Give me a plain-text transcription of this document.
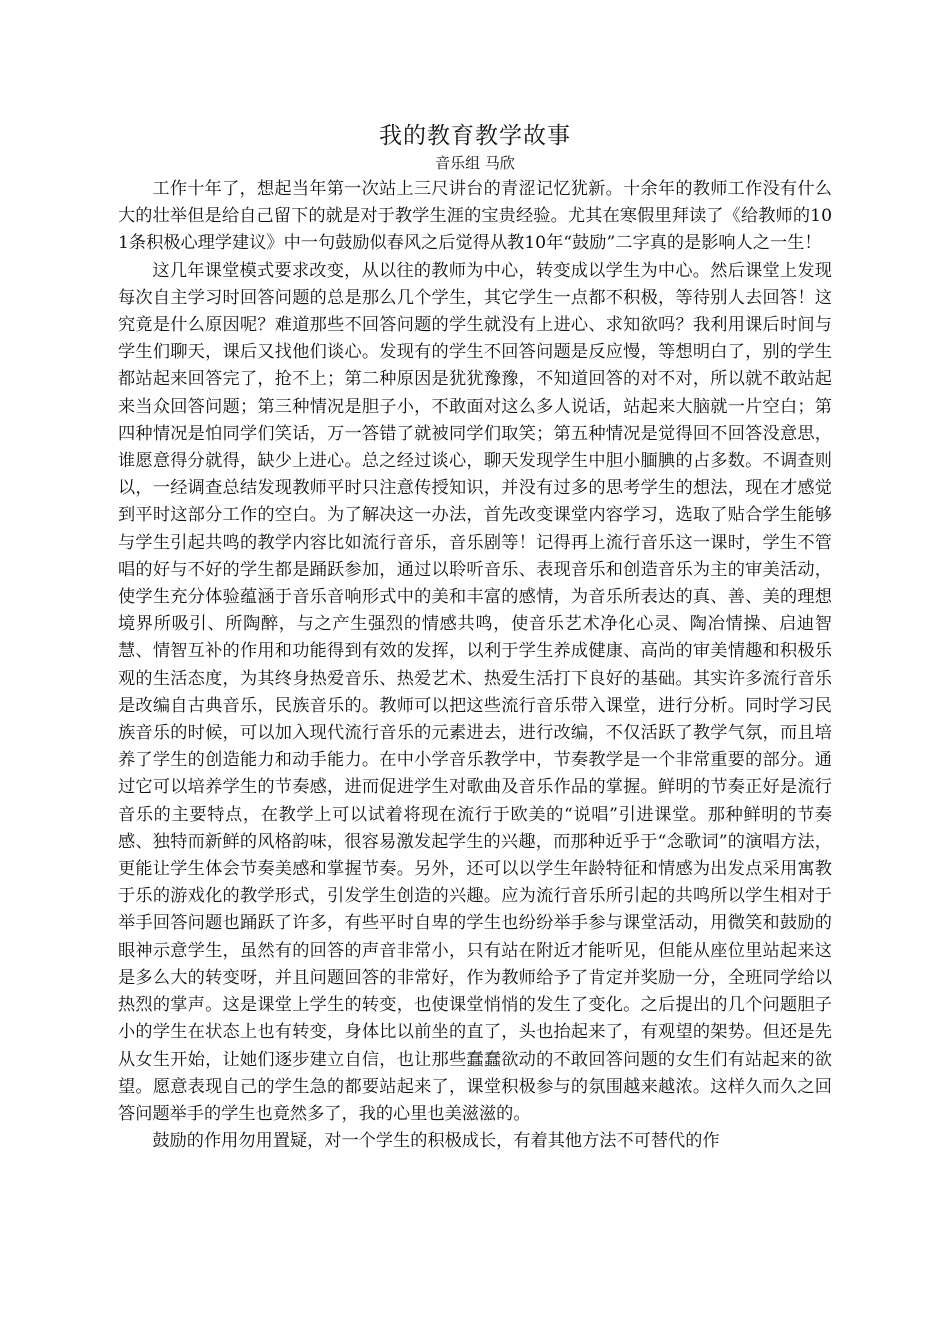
我的教育教学故事
音乐组 马欣

工作十年了，想起当年第一次站上三尺讲台的青涩记忆犹新。十余年的教师工作没有什么大的壮举但是给自己留下的就是对于教学生涯的宝贵经验。尤其在寒假里拜读了《给教师的101条积极心理学建议》中一句鼓励似春风之后觉得从教10年“鼓励”二字真的是影响人之一生！

这几年课堂模式要求改变，从以往的教师为中心，转变成以学生为中心。然后课堂上发现每次自主学习时回答问题的总是那么几个学生，其它学生一点都不积极，等待别人去回答！这究竟是什么原因呢？难道那些不回答问题的学生就没有上进心、求知欲吗？我利用课后时间与学生们聊天，课后又找他们谈心。发现有的学生不回答问题是反应慢，等想明白了，别的学生都站起来回答完了，抢不上；第二种原因是犹犹豫豫，不知道回答的对不对，所以就不敢站起来当众回答问题；第三种情况是胆子小，不敢面对这么多人说话，站起来大脑就一片空白；第四种情况是怕同学们笑话，万一答错了就被同学们取笑；第五种情况是觉得回不回答没意思，谁愿意得分就得，缺少上进心。总之经过谈心，聊天发现学生中胆小腼腆的占多数。不调查则以，一经调查总结发现教师平时只注意传授知识，并没有过多的思考学生的想法，现在才感觉到平时这部分工作的空白。为了解决这一办法，首先改变课堂内容学习，选取了贴合学生能够与学生引起共鸣的教学内容比如流行音乐，音乐剧等！记得再上流行音乐这一课时，学生不管唱的好与不好的学生都是踊跃参加，通过以聆听音乐、表现音乐和创造音乐为主的审美活动，使学生充分体验蕴涵于音乐音响形式中的美和丰富的感情，为音乐所表达的真、善、美的理想境界所吸引、所陶醉，与之产生强烈的情感共鸣，使音乐艺术净化心灵、陶冶情操、启迪智慧、情智互补的作用和功能得到有效的发挥，以利于学生养成健康、高尚的审美情趣和积极乐观的生活态度，为其终身热爱音乐、热爱艺术、热爱生活打下良好的基础。其实许多流行音乐是改编自古典音乐，民族音乐的。教师可以把这些流行音乐带入课堂，进行分析。同时学习民族音乐的时候，可以加入现代流行音乐的元素进去，进行改编，不仅活跃了教学气氛，而且培养了学生的创造能力和动手能力。在中小学音乐教学中，节奏教学是一个非常重要的部分。通过它可以培养学生的节奏感，进而促进学生对歌曲及音乐作品的掌握。鲜明的节奏正好是流行音乐的主要特点，在教学上可以试着将现在流行于欧美的“说唱”引进课堂。那种鲜明的节奏感、独特而新鲜的风格韵味，很容易激发起学生的兴趣，而那种近乎于“念歌词”的演唱方法，更能让学生体会节奏美感和掌握节奏。另外，还可以以学生年龄特征和情感为出发点采用寓教于乐的游戏化的教学形式，引发学生创造的兴趣。应为流行音乐所引起的共鸣所以学生相对于举手回答问题也踊跃了许多，有些平时自卑的学生也纷纷举手参与课堂活动，用微笑和鼓励的眼神示意学生，虽然有的回答的声音非常小，只有站在附近才能听见，但能从座位里站起来这是多么大的转变呀，并且问题回答的非常好，作为教师给予了肯定并奖励一分，全班同学给以热烈的掌声。这是课堂上学生的转变，也使课堂悄悄的发生了变化。之后提出的几个问题胆子小的学生在状态上也有转变，身体比以前坐的直了，头也抬起来了，有观望的架势。但还是先从女生开始，让她们逐步建立自信，也让那些蠢蠢欲动的不敢回答问题的女生们有站起来的欲望。愿意表现自己的学生急的都要站起来了，课堂积极参与的氛围越来越浓。这样久而久之回答问题举手的学生也竟然多了，我的心里也美滋滋的。

鼓励的作用勿用置疑，对一个学生的积极成长，有着其他方法不可替代的作
